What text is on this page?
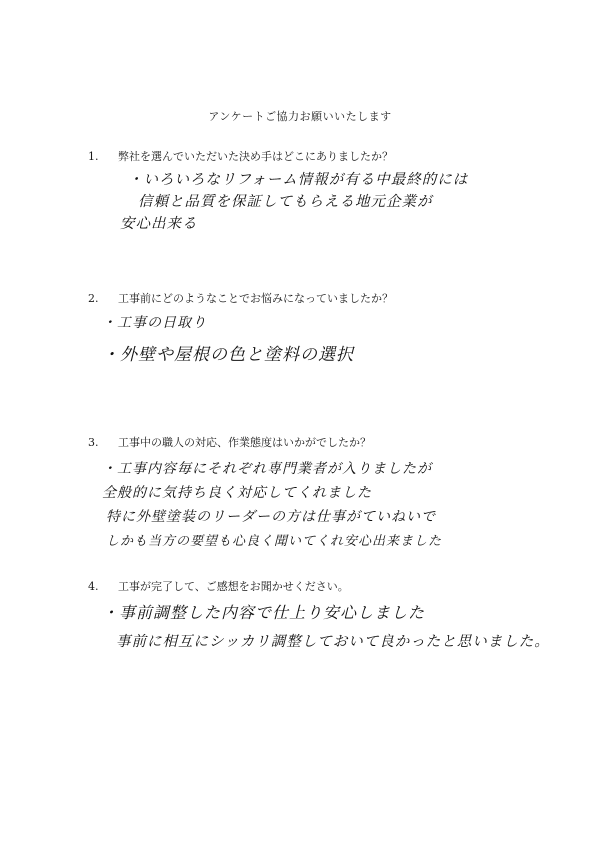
アンケートご協力お願いいたします
1. 弊社を選んでいただいた決め手はどこにありましたか？
・いろいろなリフォーム情報が有る中最終的には
信頼と品質を保証してもらえる地元企業が
安心出来る
2. 工事前にどのようなことでお悩みになっていましたか？
・工事の日取り
・外壁や屋根の色と塗料の選択
3. 工事中の職人の対応、作業態度はいかがでしたか？
・工事内容毎にそれぞれ専門業者が入りましたが
全般的に気持ち良く対応してくれました
特に外壁塗装のリーダーの方は仕事がていねいで
しかも当方の要望も心良く聞いてくれ安心出来ました
4. 工事が完了して、ご感想をお聞かせください。
・事前調整した内容で仕上り安心しました
事前に相互にシッカリ調整しておいて良かったと思いました。
